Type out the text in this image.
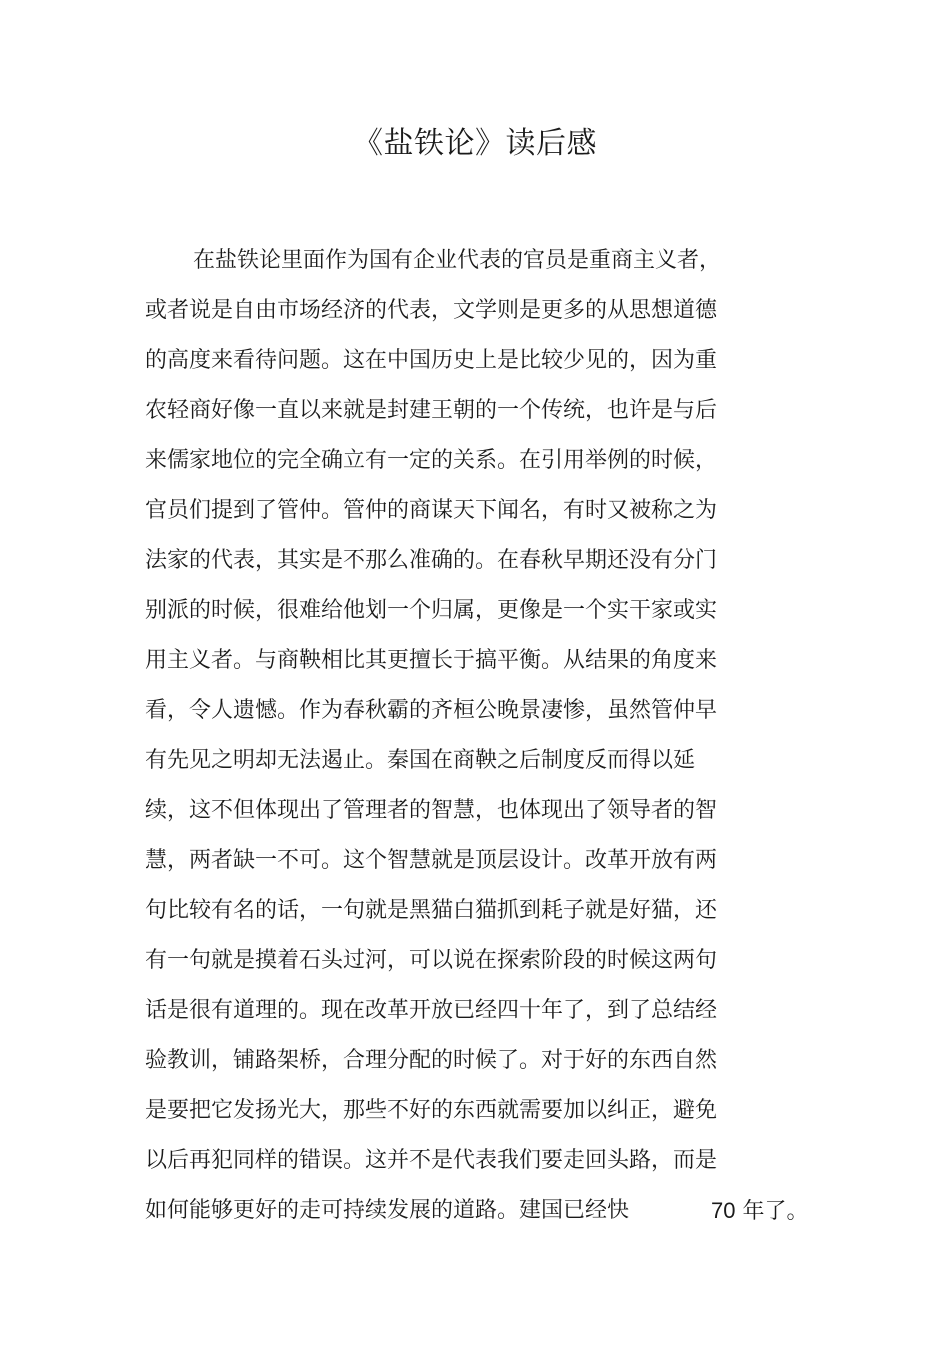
《盐铁论》读后感
在盐铁论里面作为国有企业代表的官员是重商主义者，
或者说是自由市场经济的代表，文学则是更多的从思想道德
的高度来看待问题。这在中国历史上是比较少见的，因为重
农轻商好像一直以来就是封建王朝的一个传统，也许是与后
来儒家地位的完全确立有一定的关系。在引用举例的时候，
官员们提到了管仲。管仲的商谋天下闻名，有时又被称之为
法家的代表，其实是不那么准确的。在春秋早期还没有分门
别派的时候，很难给他划一个归属，更像是一个实干家或实
用主义者。与商鞅相比其更擅长于搞平衡。从结果的角度来
看，令人遗憾。作为春秋霸的齐桓公晚景凄惨，虽然管仲早
有先见之明却无法遏止。秦国在商鞅之后制度反而得以延
续，这不但体现出了管理者的智慧，也体现出了领导者的智
慧，两者缺一不可。这个智慧就是顶层设计。改革开放有两
句比较有名的话，一句就是黑猫白猫抓到耗子就是好猫，还
有一句就是摸着石头过河，可以说在探索阶段的时候这两句
话是很有道理的。现在改革开放已经四十年了，到了总结经
验教训，铺路架桥，合理分配的时候了。对于好的东西自然
是要把它发扬光大，那些不好的东西就需要加以纠正，避免
以后再犯同样的错误。这并不是代表我们要走回头路，而是
如何能够更好的走可持续发展的道路。建国已经快	70 年了。
